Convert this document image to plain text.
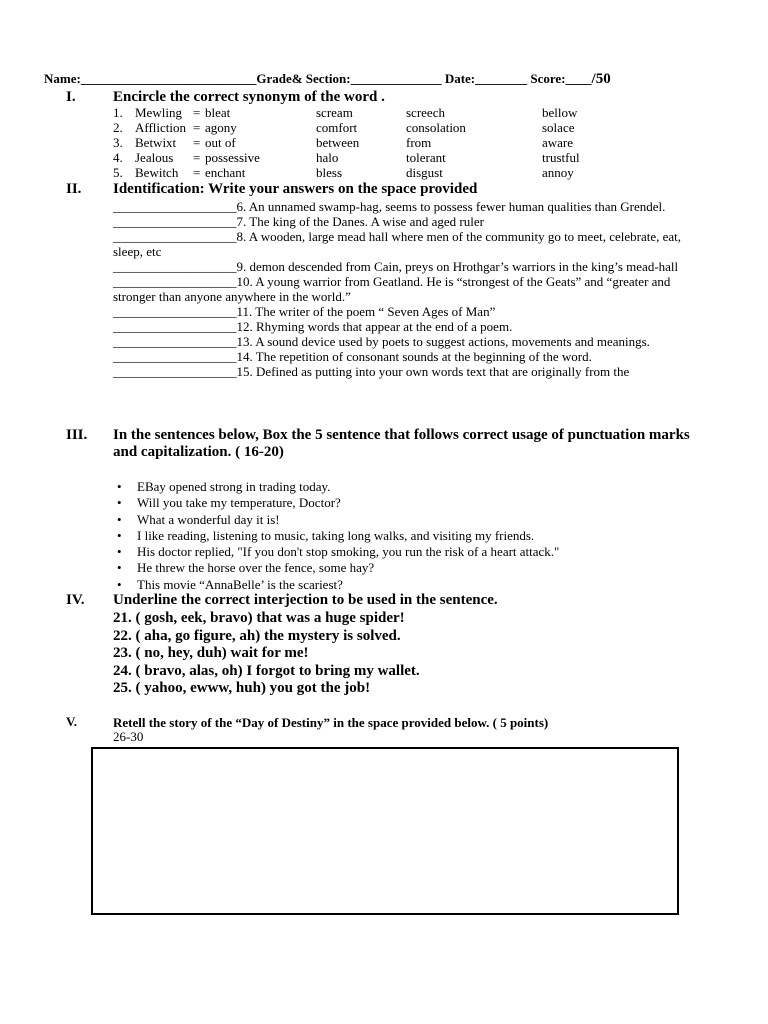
Name:___________________________Grade& Section:______________ Date:________ Score:____/50
I. Encircle the correct synonym of the word .
1.	Mewling	=	bleat	scream	screech	bellow
2.	Affliction	=	agony	comfort	consolation	solace
3.	Betwixt	=	out of	between	from	aware
4.	Jealous	=	possessive	halo	tolerant	trustful
5.	Bewitch	=	enchant	bless	disgust	annoy
II. Identification: Write your answers on the space provided

___________________6. An unnamed swamp-hag, seems to possess fewer human qualities than Grendel.

___________________7. The king of the Danes. A wise and aged ruler

___________________8. A wooden, large mead hall where men of the community go to meet, celebrate, eat, sleep, etc

___________________9. demon descended from Cain, preys on Hrothgar’s warriors in the king’s mead-hall

___________________10. A young warrior from Geatland. He is “strongest of the Geats” and “greater and stronger than anyone anywhere in the world.”

___________________11. The writer of the poem “ Seven Ages of Man”

___________________12. Rhyming words that appear at the end of a poem.

___________________13. A sound device used by poets to suggest actions, movements and meanings.

___________________14. The repetition of consonant sounds at the beginning of the word.

___________________15. Defined as putting into your own words text that are originally from the

III. In the sentences below, Box the 5 sentence that follows correct usage of punctuation marks and capitalization. ( 16-20)
• EBay opened strong in trading today.
• Will you take my temperature, Doctor?
• What a wonderful day it is!
• I like reading, listening to music, taking long walks, and visiting my friends.
• His doctor replied, "If you don't stop smoking, you run the risk of a heart attack."
• He threw the horse over the fence, some hay?
• This movie “AnnaBelle’ is the scariest?
IV. Underline the correct interjection to be used in the sentence.
21. ( gosh, eek, bravo) that was a huge spider!
22. ( aha, go figure, ah) the mystery is solved.
23. ( no, hey, duh) wait for me!
24. ( bravo, alas, oh) I forgot to bring my wallet.
25. ( yahoo, ewww, huh) you got the job!
V.	Retell the story of the “Day of Destiny” in the space provided below. ( 5 points)
26-30
